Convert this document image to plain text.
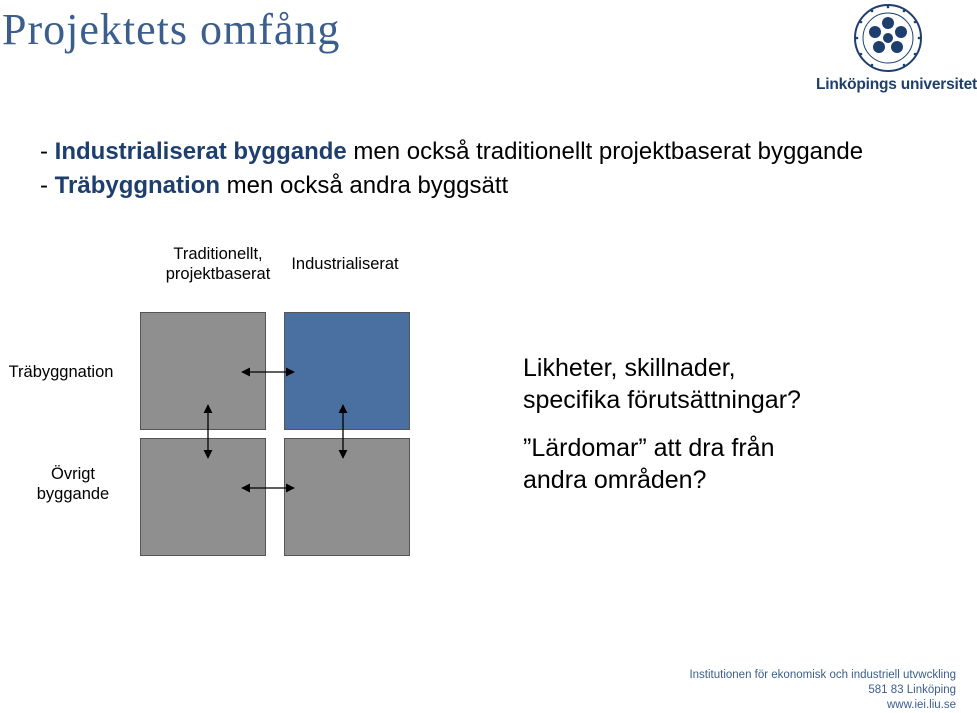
Projektets omfång
Linköpings universitet
- Industrialiserat byggande men också traditionellt projektbaserat byggande
- Träbyggnation men också andra byggsätt
Traditionellt,
projektbaserat
Industrialiserat
Träbyggnation
Övrigt
byggande
Likheter, skillnader,
specifika förutsättningar?
”Lärdomar” att dra från
andra områden?
Institutionen för ekonomisk och industriell utvwckling
581 83 Linköping
www.iei.liu.se
